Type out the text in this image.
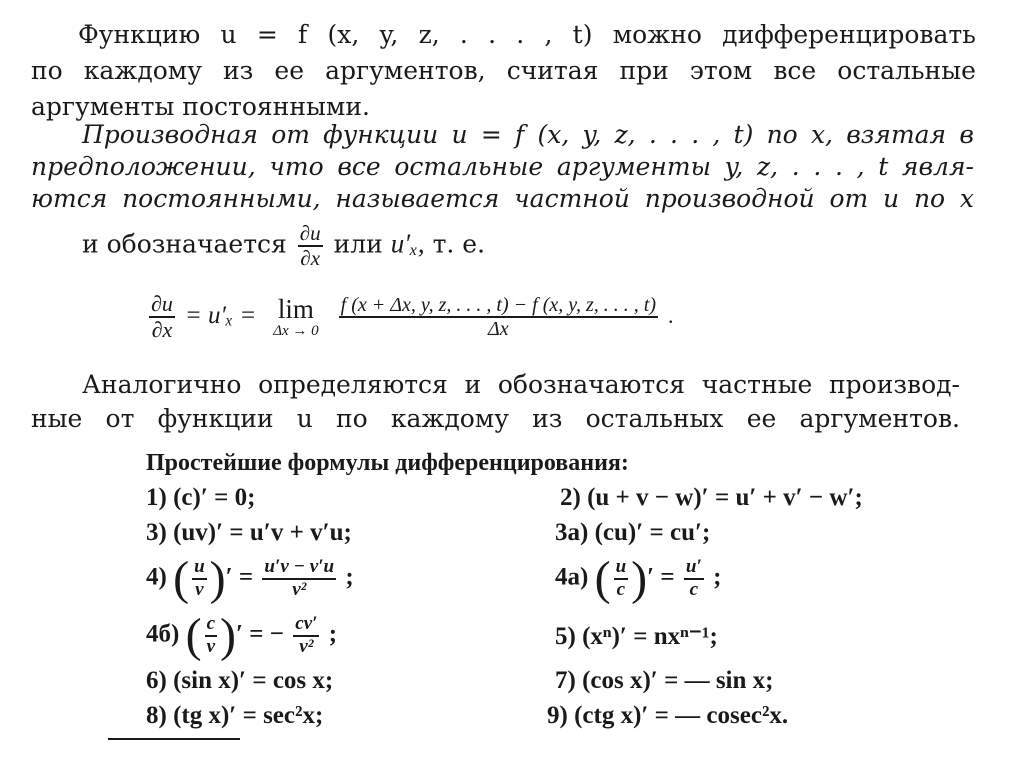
Функцию u = f (x, y, z, . . . , t) можно дифференцировать
по каждому из ее аргументов, считая при этом все остальные
аргументы постоянными.
Производная от функции u = f (x, y, z, . . . , t) по x, взятая в
предположении, что все остальные аргументы y, z, . . . , t явля-
ются постоянными, называется частной производной от u по x
и обозначается $\frac{\partial u}{\partial x}$ или u′ₓ, т. е.
$\frac{\partial u}{\partial x} = u'_x = \lim$
Δx → 0
$\frac{f (x + \Delta x, y, z, . . . , t) - f (x, y, z, . . . , t)}{\Delta x}$ .
Аналогично определяются и обозначаются частные производ-
ные от функции u по каждому из остальных ее аргументов.
Простейшие формулы дифференцирования:
1) (c)′ = 0;	2) (u + v − w)′ = u′ + v′ − w′;
3) (uv)′ = u′v + v′u;	3а) (cu)′ = cu′;
4) ( $\frac{u}{v}$ )′ = $\frac{u'v - v'u}{\text{v²}}$ ;	4а) ( $\frac{u}{c}$ )′ = $\frac{u'}{c}$ ;
4б) ( $\frac{c}{v}$ )′ = − $\frac{cv'}{\text{v²}}$ ;	5) (xⁿ)′ = nxⁿ⁻¹;
6) (sin x)′ = cos x;	7) (cos x)′ = — sin x;
8) (tg x)′ = sec²x;	9) (ctg x)′ = — cosec²x.
